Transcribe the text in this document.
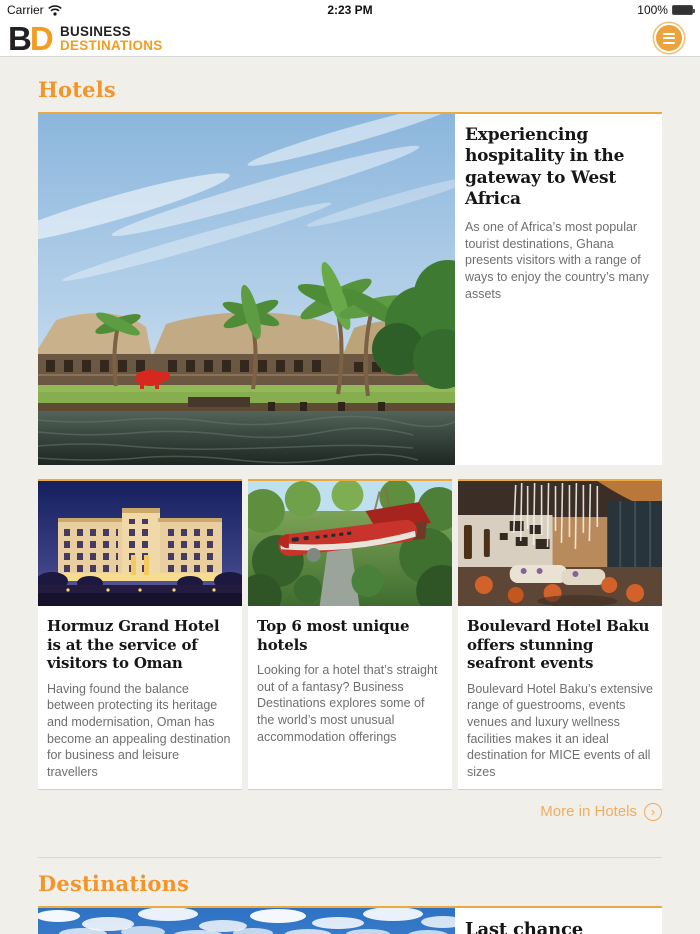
Carrier	2:23 PM	100%
BD BUSINESS
DESTINATIONS
Hotels
Experiencing hospitality in the gateway to West Africa

As one of Africa’s most popular tourist destinations, Ghana presents visitors with a range of ways to enjoy the country’s many assets

Hormuz Grand Hotel is at the service of visitors to Oman

Having found the balance between protecting its heritage and modernisation, Oman has become an appealing destination for business and leisure travellers

Top 6 most unique hotels

Looking for a hotel that’s straight out of a fantasy? Business Destinations explores some of the world’s most unusual accommodation offerings

Boulevard Hotel Baku offers stunning seafront events

Boulevard Hotel Baku’s extensive range of guestrooms, events venues and luxury wellness facilities makes it an ideal destination for MICE events of all sizes

More in Hotels	›
Destinations
Last chance
